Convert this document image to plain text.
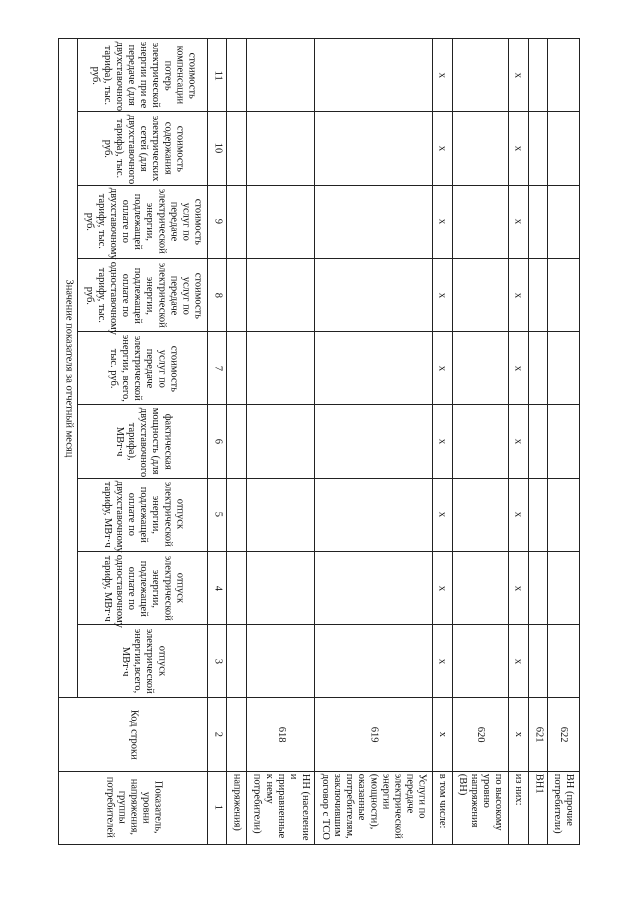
Показатель, уровни напряжения, группы потребителей	Код строки	Значение показателя за отчетный месяц
отпуск электрической энергии,всего, МВт·ч	отпуск электрической энергии, подлежащей оплате по одноставочному тарифу, МВт·ч	отпуск электрической энергии, подлежащей оплате по двухставочному тарифу, МВт·ч	фактическая мощность (для двухставочного тарифа), МВт·ч	стоимость услуг по передаче электрической энергии, всего, тыс. руб.	стоимость услуг по передаче электрической энергии, подлежащей оплате по одноставочному тарифу, тыс. руб.	стоимость услуг по передаче электрической энергии, подлежащей оплате по двухставочному тарифу, тыс. руб.	стоимость содержания электрических сетей (для двухставочного тарифа), тыс. руб.	стоимость компенсации потерь электрической энергии при ее передаче (для двухставочного тарифа), тыс. руб.
1	2	3	4	5	6	7	8	9	10	11
напряжения)										
НН (население и приравненные к нему потребители)	618									
Услуги по передаче электрической энергии (мощности), оказанные потребителям, заключившим договор с ТСО	619									
в том числе:	х	х	х	х	х	х	х	х	х	х
по высокому уровню напряжения (ВН)	620									
из них:	х	х	х	х	х	х	х	х	х	х
ВН1	621									
ВН (прочие потребители)	622									
